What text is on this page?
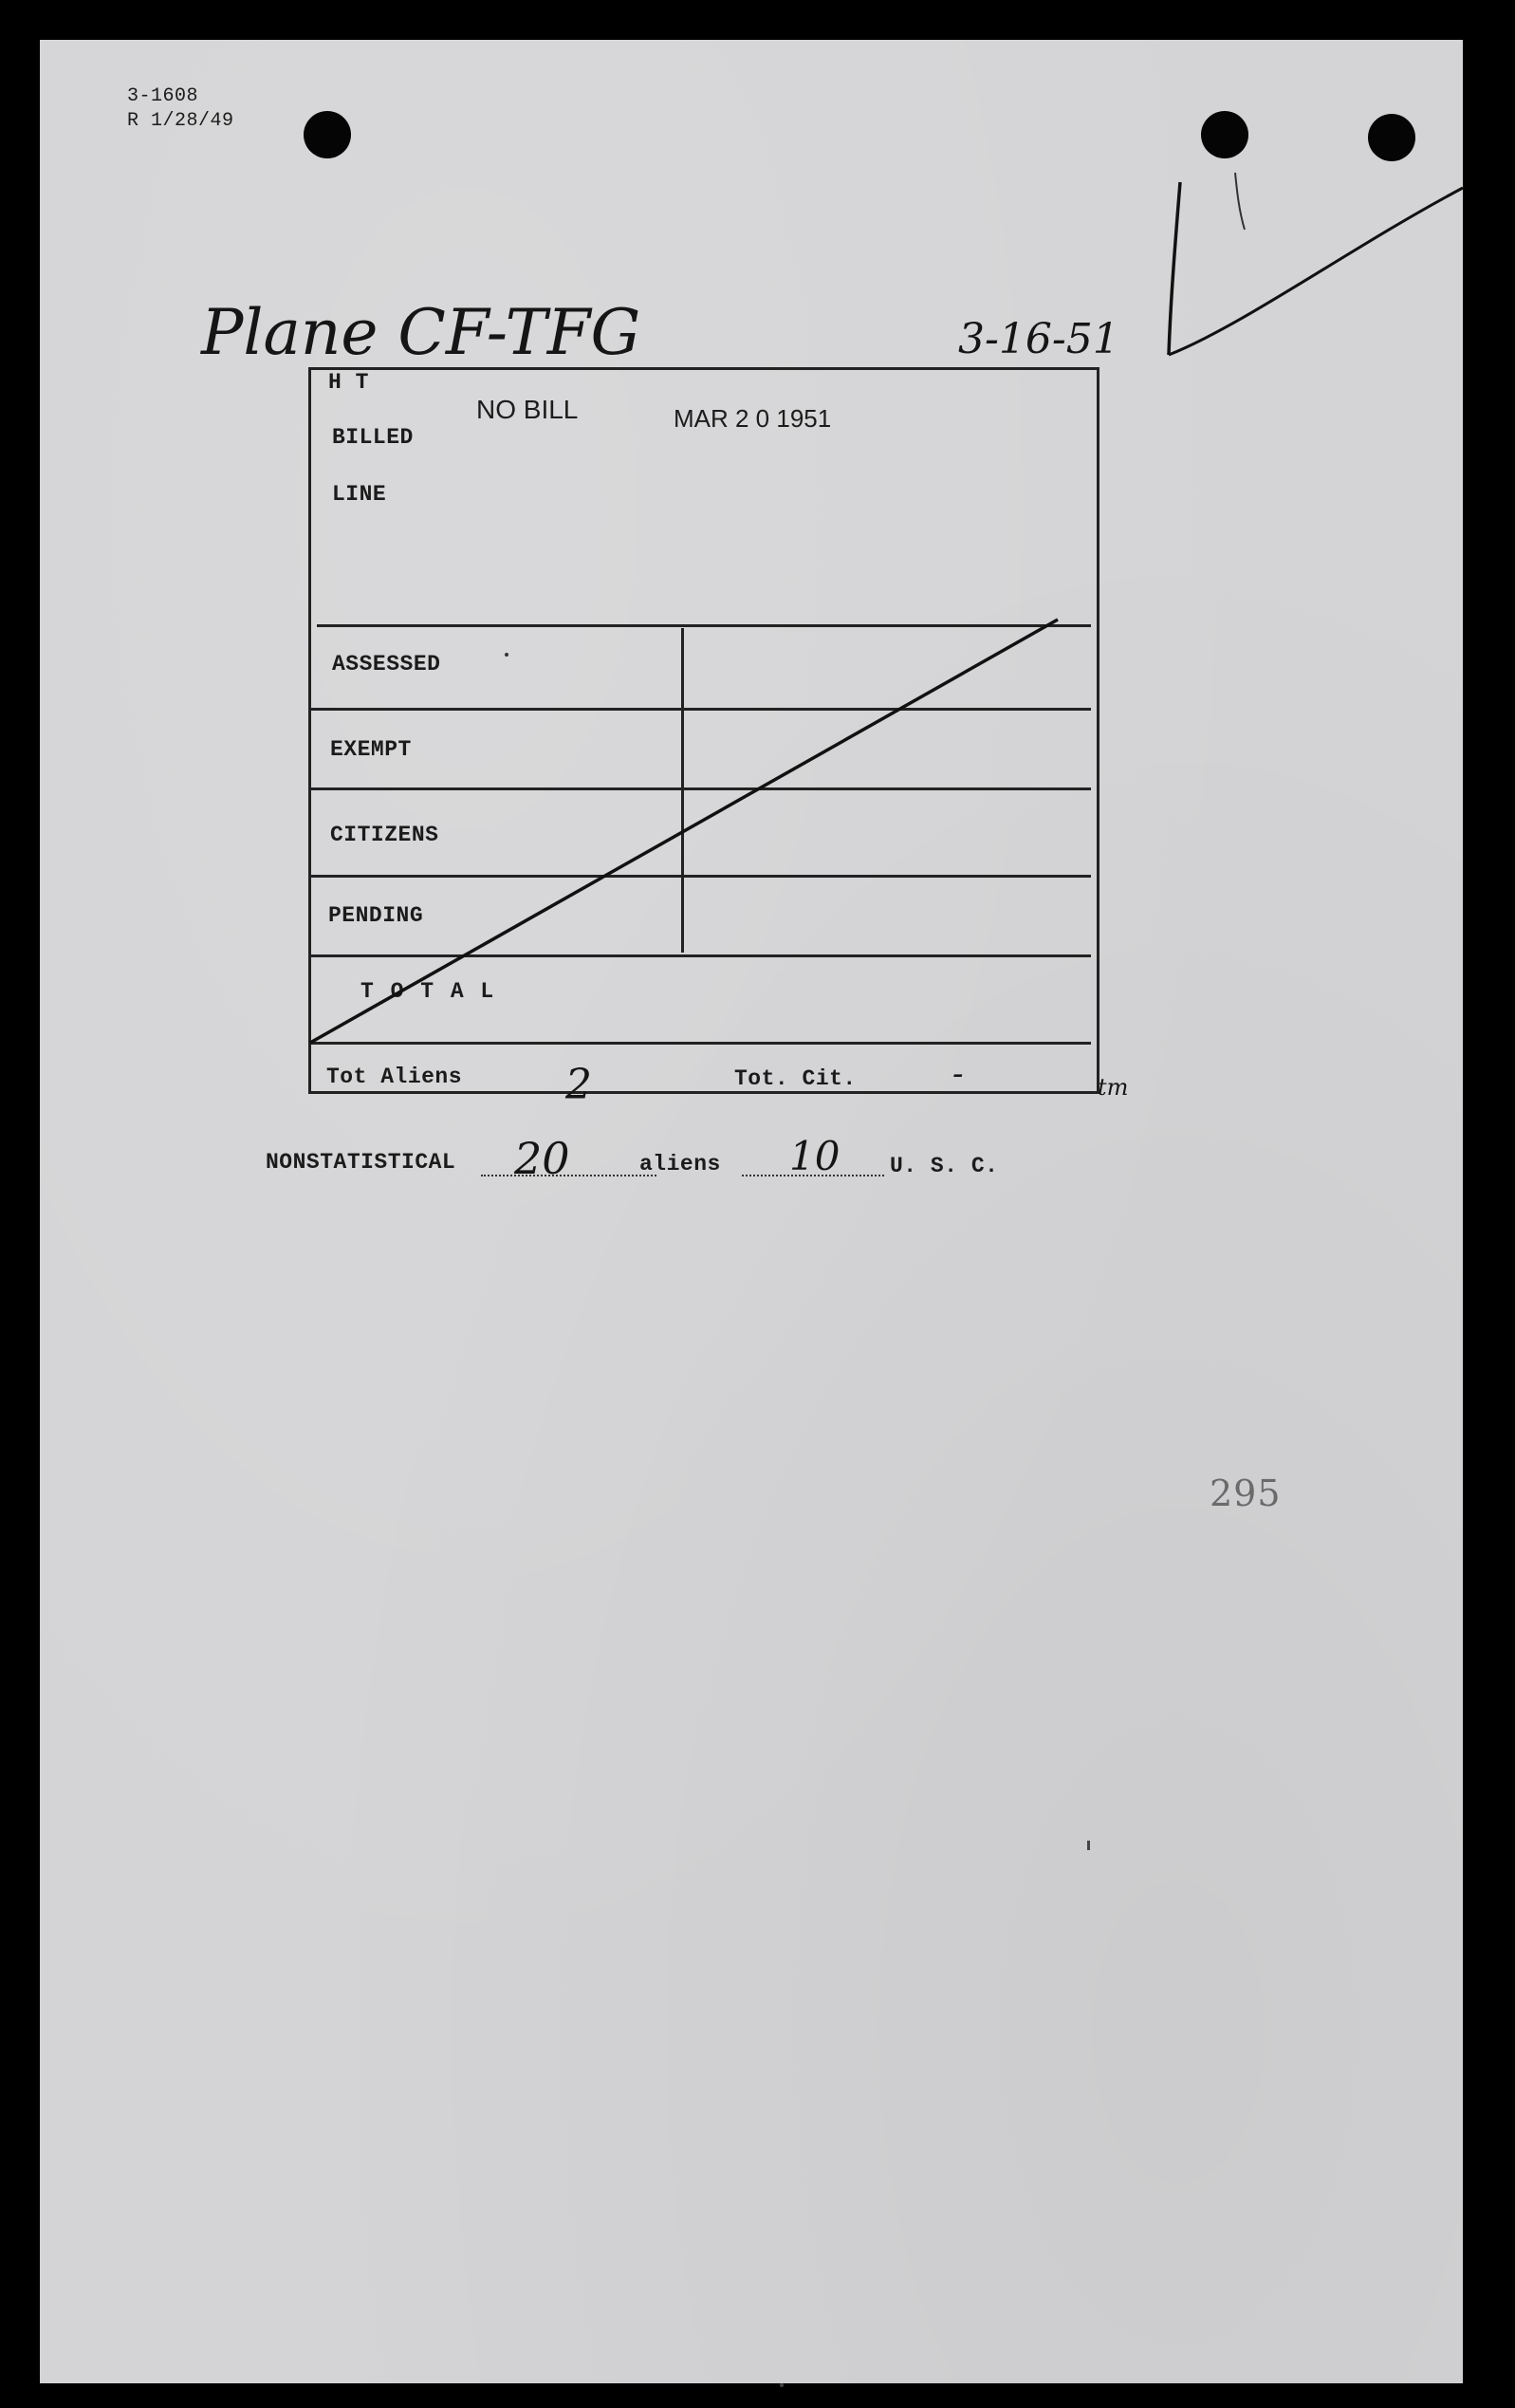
3-1608
R 1/28/49
Plane CF-TFG	3-16-51
NO BILL	MAR 2 0 1951
H T
BILLED
LINE
ASSESSED
EXEMPT
CITIZENS
PENDING
T O T A L
Tot Aliens 2	Tot. Cit.	-	tm
NONSTATISTICAL 20	aliens 10 U. S. C.
295
